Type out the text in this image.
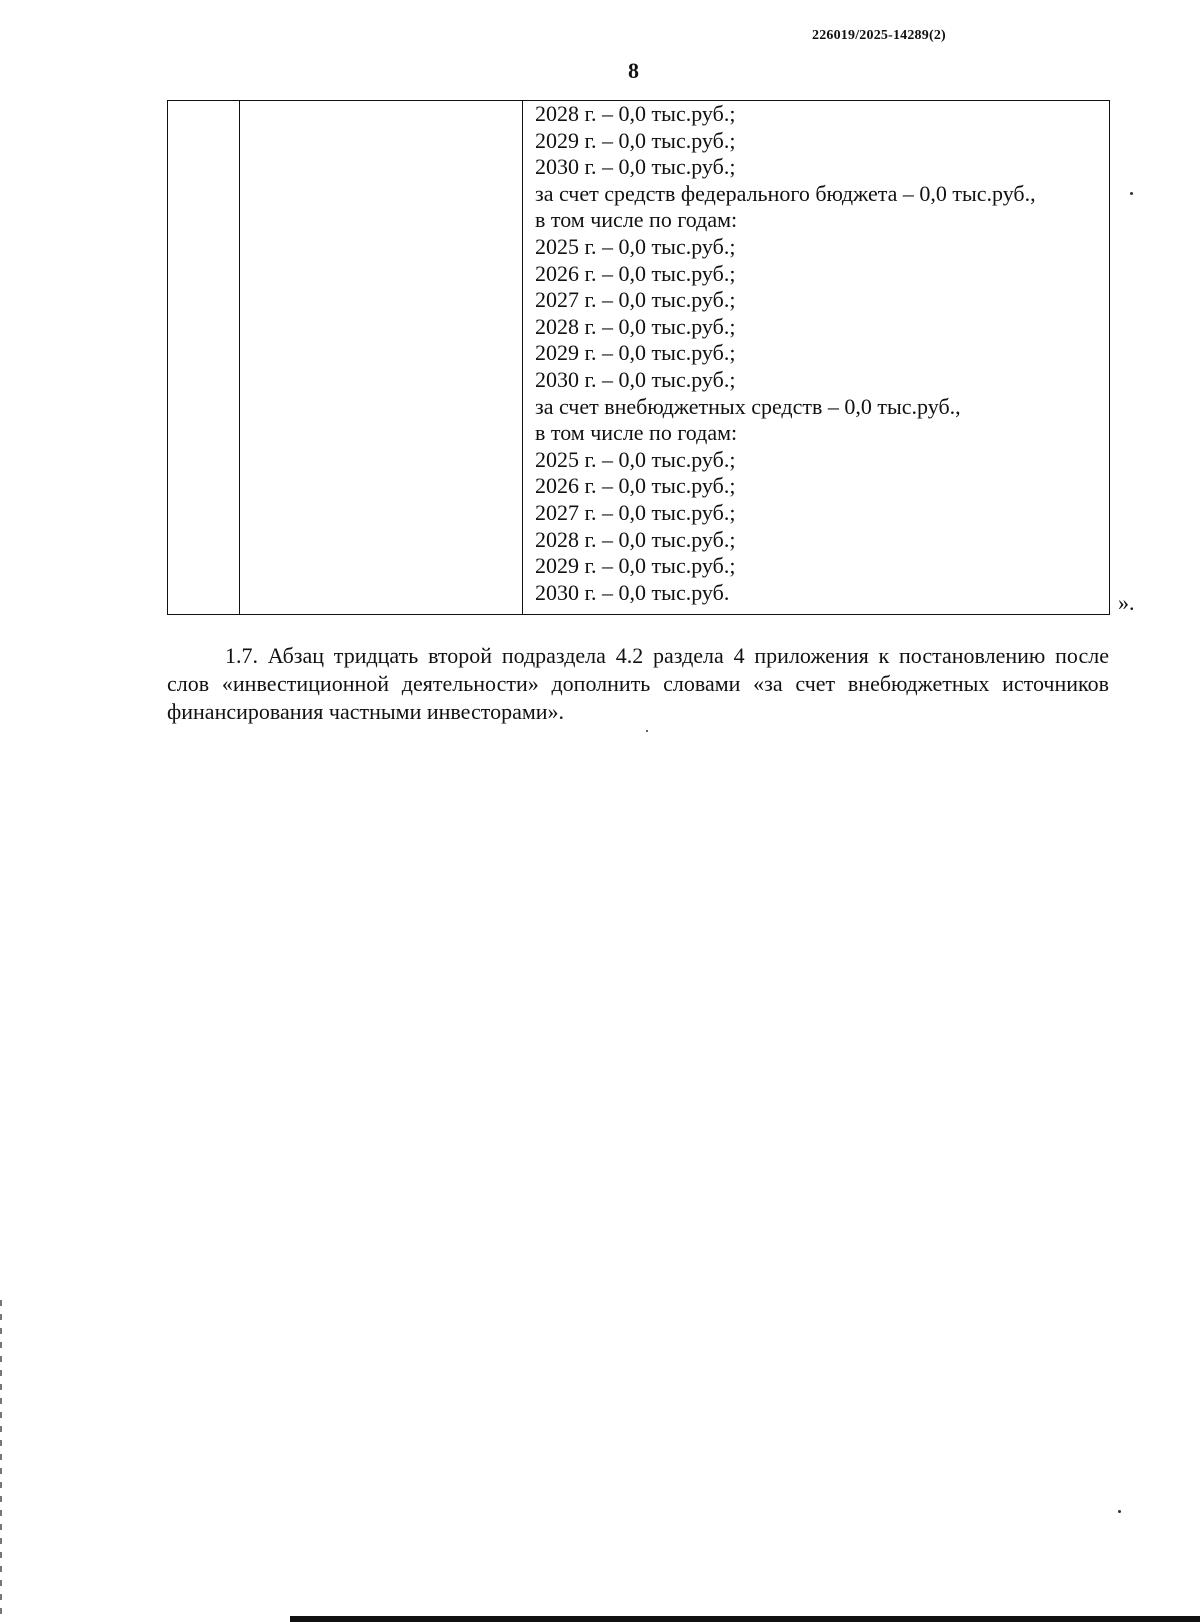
226019/2025-14289(2)
8

2028 г. – 0,0 тыс.руб.;
2029 г. – 0,0 тыс.руб.;
2030 г. – 0,0 тыс.руб.;
за счет средств федерального бюджета – 0,0 тыс.руб.,
в том числе по годам:
2025 г. – 0,0 тыс.руб.;
2026 г. – 0,0 тыс.руб.;
2027 г. – 0,0 тыс.руб.;
2028 г. – 0,0 тыс.руб.;
2029 г. – 0,0 тыс.руб.;
2030 г. – 0,0 тыс.руб.;
за счет внебюджетных средств – 0,0 тыс.руб.,
в том числе по годам:
2025 г. – 0,0 тыс.руб.;
2026 г. – 0,0 тыс.руб.;
2027 г. – 0,0 тыс.руб.;
2028 г. – 0,0 тыс.руб.;
2029 г. – 0,0 тыс.руб.;
2030 г. – 0,0 тыс.руб.	».

1.7. Абзац тридцать второй подраздела 4.2 раздела 4 приложения к постановлению после слов «инвестиционной деятельности» дополнить словами «за счет внебюджетных источников финансирования частными инвесторами».
